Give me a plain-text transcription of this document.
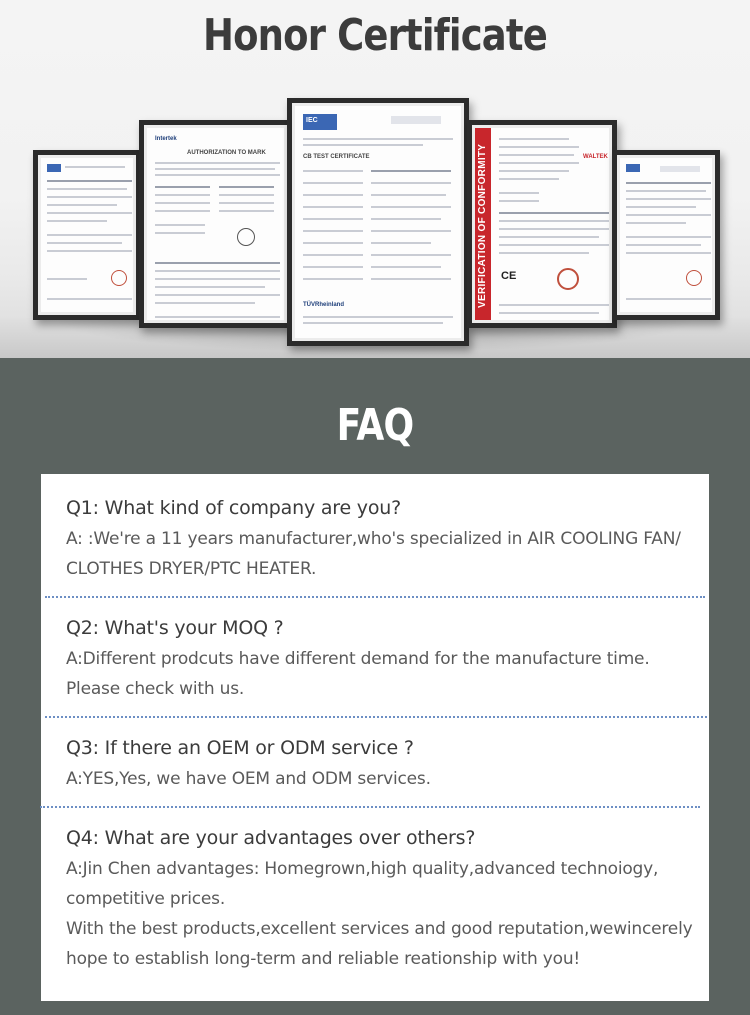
Honor Certificate
Intertek
AUTHORIZATION TO MARK
IEC
CB TEST CERTIFICATE
TÜVRheinland	VERIFICATION OF CONFORMITY	WALTEK
CE
FAQ
Q1: What kind of company are you?
A: :We're a 11 years manufacturer,who's specialized in AIR COOLING FAN/
CLOTHES DRYER/PTC HEATER.
Q2: What's your MOQ ?
A:Different prodcuts have different demand for the manufacture time.
Please check with us.
Q3: If there an OEM or ODM service ?
A:YES,Yes, we have OEM and ODM services.
Q4: What are your advantages over others?
A:Jin Chen advantages: Homegrown,high quality,advanced technoiogy,
competitive prices.
With the best products,excellent services and good reputation,wewincerely
hope to establish long-term and reliable reationship with you!
